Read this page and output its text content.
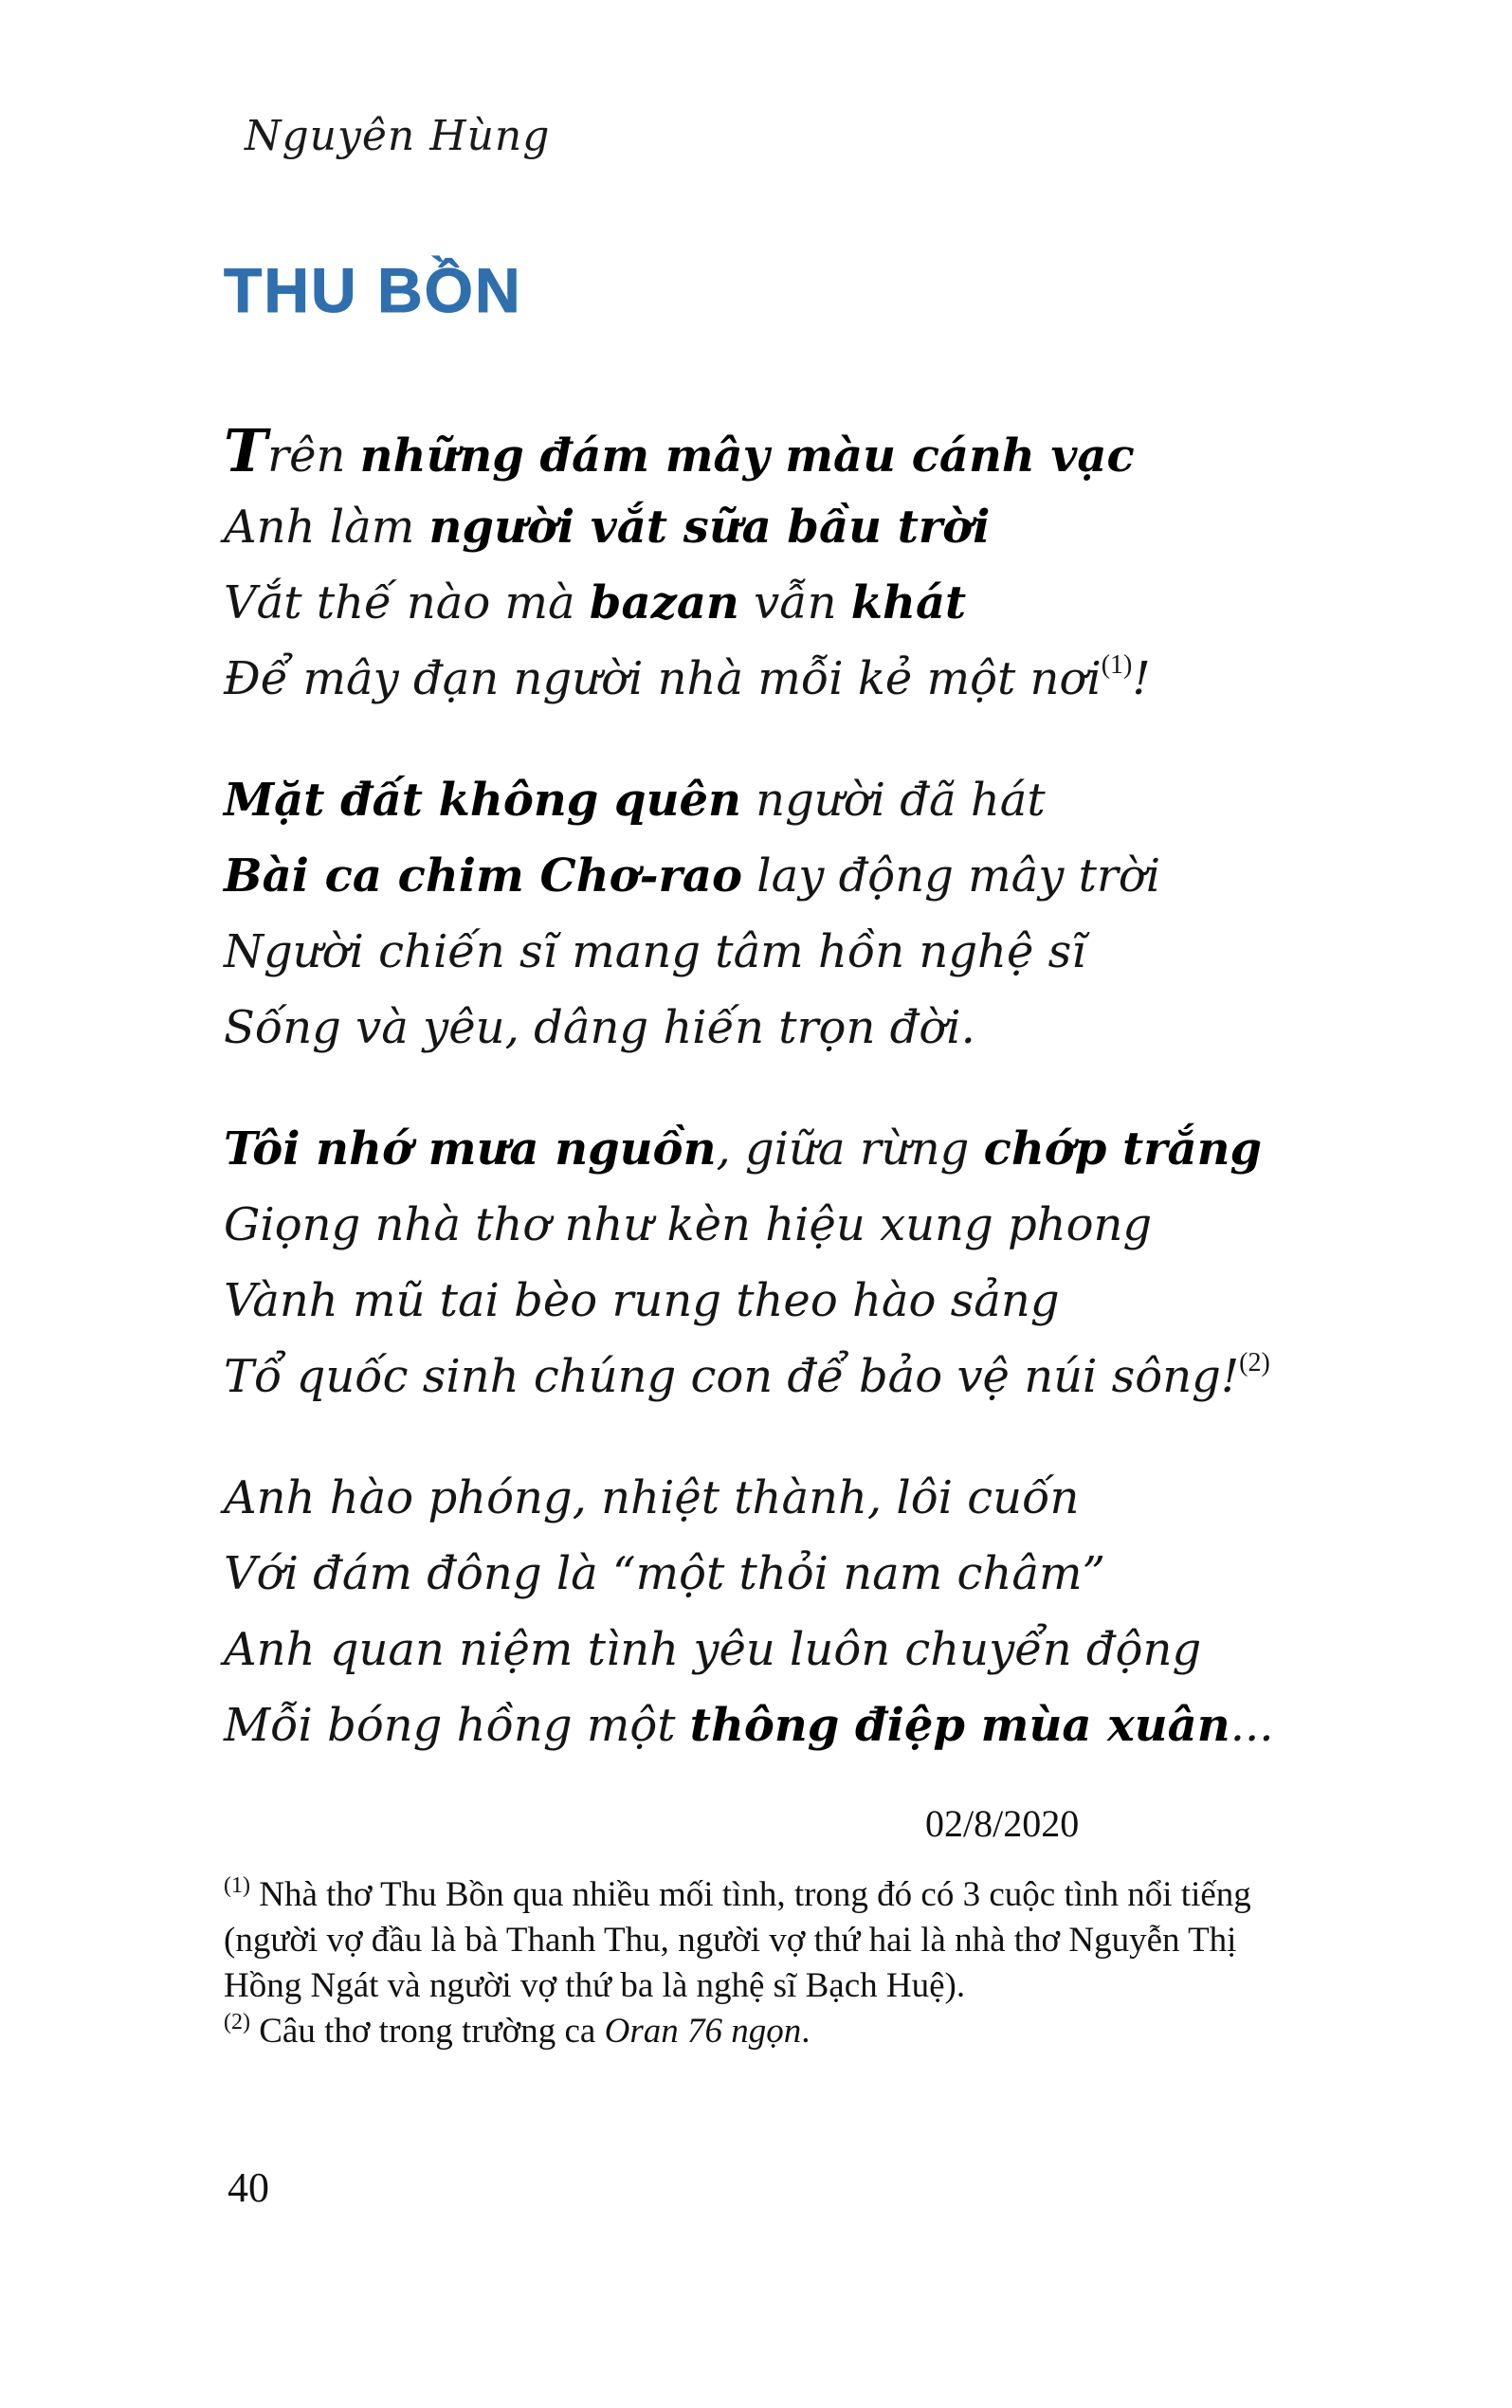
Nguyên Hùng
THU BỒN
Trên những đám mây màu cánh vạc
Anh làm người vắt sữa bầu trời
Vắt thế nào mà bazan vẫn khát
Để mây đạn người nhà mỗi kẻ một nơi$^{(1)}$!
Mặt đất không quên người đã hát
Bài ca chim Chơ-rao lay động mây trời
Người chiến sĩ mang tâm hồn nghệ sĩ
Sống và yêu, dâng hiến trọn đời.
Tôi nhớ mưa nguồn, giữa rừng chớp trắng
Giọng nhà thơ như kèn hiệu xung phong
Vành mũ tai bèo rung theo hào sảng
Tổ quốc sinh chúng con để bảo vệ núi sông!$^{(2)}$
Anh hào phóng, nhiệt thành, lôi cuốn
Với đám đông là “một thỏi nam châm”
Anh quan niệm tình yêu luôn chuyển động
Mỗi bóng hồng một thông điệp mùa xuân...
02/8/2020
$^{(1)}$ Nhà thơ Thu Bồn qua nhiều mối tình, trong đó có 3 cuộc tình nổi tiếng (người vợ đầu là bà Thanh Thu, người vợ thứ hai là nhà thơ Nguyễn Thị Hồng Ngát và người vợ thứ ba là nghệ sĩ Bạch Huệ).
$^{(2)}$ Câu thơ trong trường ca Oran 76 ngọn.
40
